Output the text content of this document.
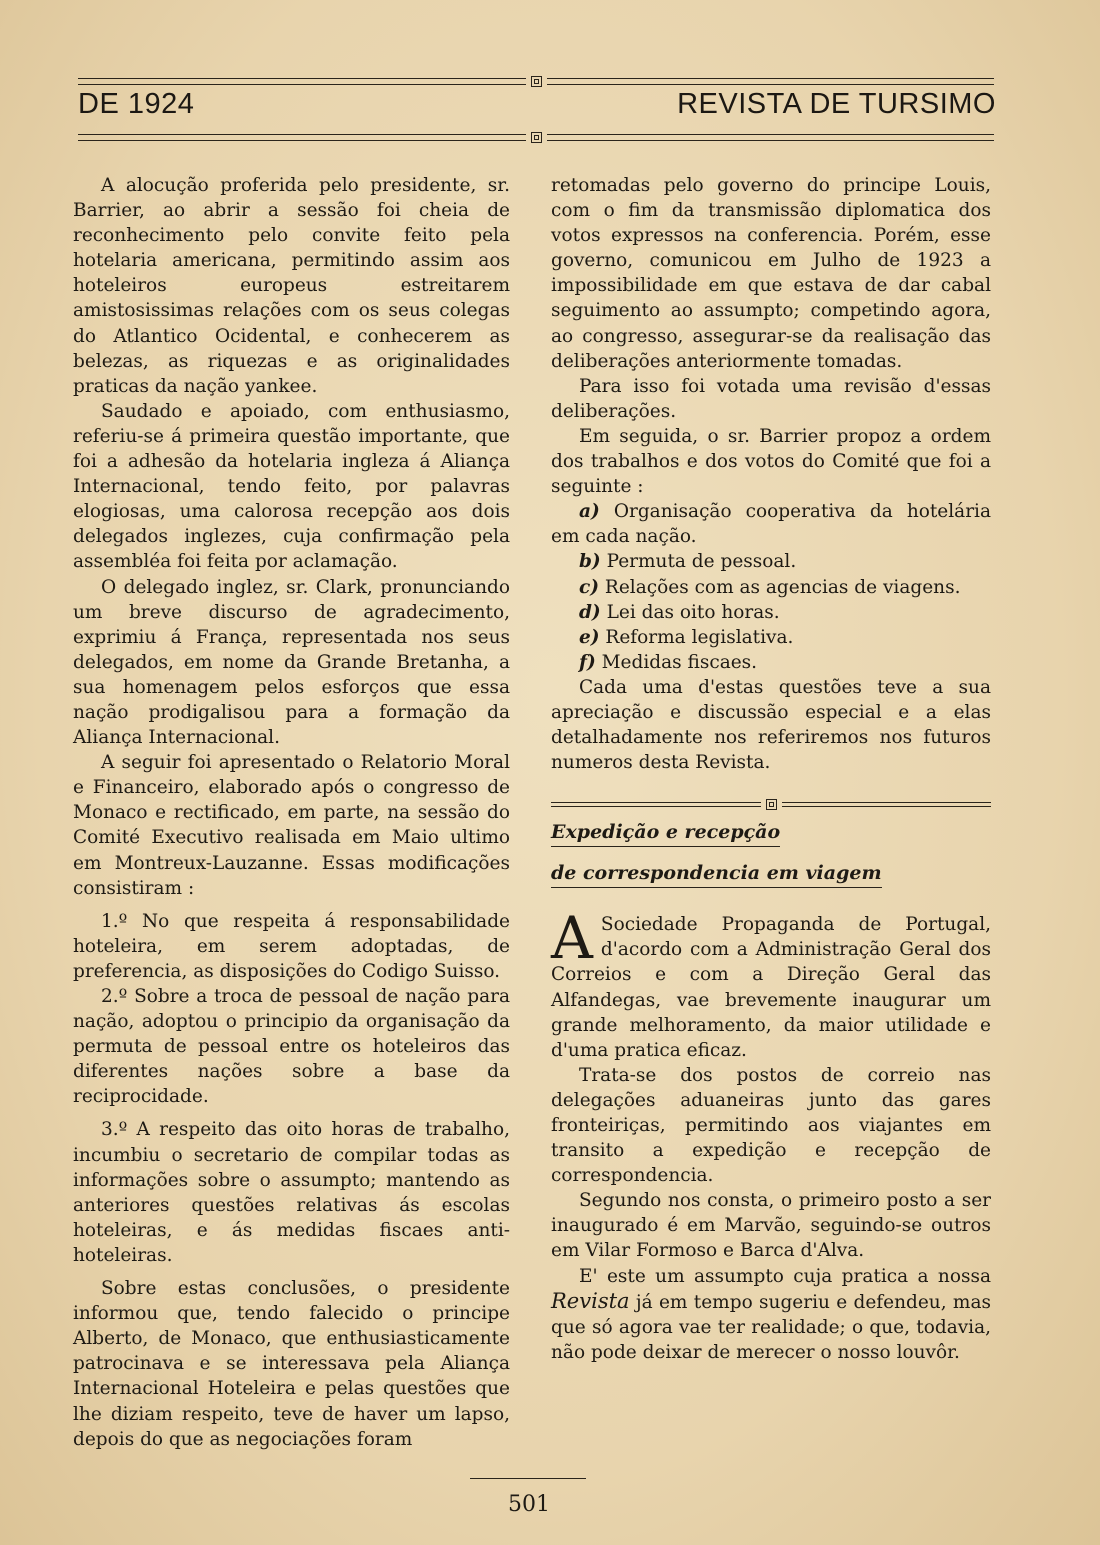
DE 1924	REVISTA DE TURSIMO

A alocução proferida pelo presidente, sr. Barrier, ao abrir a sessão foi cheia de reconhecimento pelo convite feito pela hotelaria americana, permitindo assim aos hoteleiros europeus estreitarem amistosissimas relações com os seus colegas do Atlantico Ocidental, e conhecerem as belezas, as riquezas e as originalidades praticas da nação yankee.

Saudado e apoiado, com enthusiasmo, referiu-se á primeira questão importante, que foi a adhesão da hotelaria ingleza á Aliança Internacional, tendo feito, por palavras elogiosas, uma calorosa recepção aos dois delegados inglezes, cuja confirmação pela assembléa foi feita por aclamação.

O delegado inglez, sr. Clark, pronunciando um breve discurso de agradecimento, exprimiu á França, representada nos seus delegados, em nome da Grande Bretanha, a sua homenagem pelos esforços que essa nação prodigalisou para a formação da Aliança Internacional.

A seguir foi apresentado o Relatorio Moral e Financeiro, elaborado após o congresso de Monaco e rectificado, em parte, na sessão do Comité Executivo realisada em Maio ultimo em Montreux-Lauzanne. Essas modificações consistiram :

1.º No que respeita á responsabilidade hoteleira, em serem adoptadas, de preferencia, as disposições do Codigo Suisso.

2.º Sobre a troca de pessoal de nação para nação, adoptou o principio da organisação da permuta de pessoal entre os hoteleiros das diferentes nações sobre a base da reciprocidade.

3.º A respeito das oito horas de trabalho, incumbiu o secretario de compilar todas as informações sobre o assumpto; mantendo as anteriores questões relativas ás escolas hoteleiras, e ás medidas fiscaes anti-hoteleiras.

Sobre estas conclusões, o presidente informou que, tendo falecido o principe Alberto, de Monaco, que enthusiasticamente patrocinava e se interessava pela Aliança Internacional Hoteleira e pelas questões que lhe diziam respeito, teve de haver um lapso, depois do que as negociações foram

retomadas pelo governo do principe Louis, com o fim da transmissão diplomatica dos votos expressos na conferencia. Porém, esse governo, comunicou em Julho de 1923 a impossibilidade em que estava de dar cabal seguimento ao assumpto; competindo agora, ao congresso, assegurar-se da realisação das deliberações anteriormente tomadas.

Para isso foi votada uma revisão d'essas deliberações.

Em seguida, o sr. Barrier propoz a ordem dos trabalhos e dos votos do Comité que foi a seguinte :

a) Organisação cooperativa da hotelária em cada nação.

b) Permuta de pessoal.

c) Relações com as agencias de viagens.

d) Lei das oito horas.

e) Reforma legislativa.

f) Medidas fiscaes.

Cada uma d'estas questões teve a sua apreciação e discussão especial e a elas detalhadamente nos referiremos nos futuros numeros desta Revista.

Expedição e recepção
de correspondencia em viagem
A Sociedade Propaganda de Portugal, d'acordo com a Administração Geral dos Correios e com a Direção Geral das Alfandegas, vae brevemente inaugurar um grande melhoramento, da maior utilidade e d'uma pratica eficaz.

Trata-se dos postos de correio nas delegações aduaneiras junto das gares fronteiriças, permitindo aos viajantes em transito a expedição e recepção de correspondencia.

Segundo nos consta, o primeiro posto a ser inaugurado é em Marvão, seguindo-se outros em Vilar Formoso e Barca d'Alva.

E' este um assumpto cuja pratica a nossa Revista já em tempo sugeriu e defendeu, mas que só agora vae ter realidade; o que, todavia, não pode deixar de merecer o nosso louvôr.

501
